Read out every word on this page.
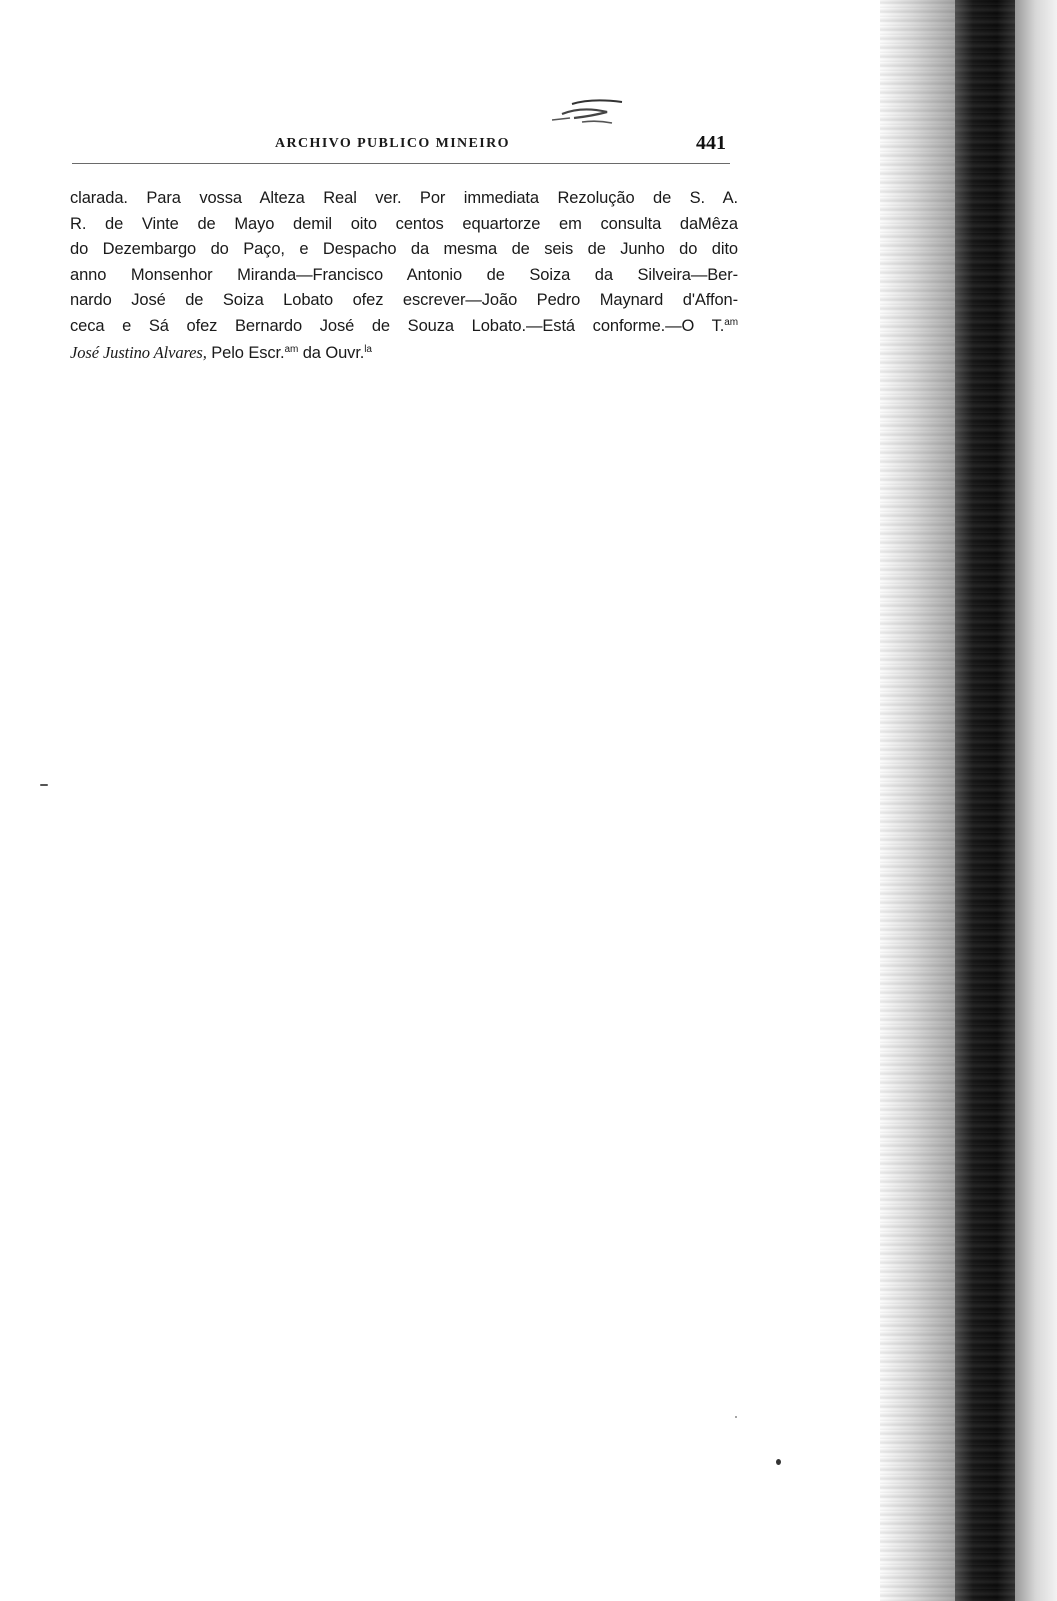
ARCHIVO PUBLICO MINEIRO	441
clarada. Para vossa Alteza Real ver. Por immediata Rezolução de S. A.
R. de Vinte de Mayo demil oito centos equartorze em consulta daMêza
do Dezembargo do Paço, e Despacho da mesma de seis de Junho do dito
anno Monsenhor Miranda—Francisco Antonio de Soiza da Silveira—Ber-
nardo José de Soiza Lobato ofez escrever—João Pedro Maynard d'Affon-
ceca e Sá ofez Bernardo José de Souza Lobato.—Está conforme.—O T.$^{am}$
José Justino Alvares, Pelo Escr.$^{am}$ da Ouvr.$^{la}$
